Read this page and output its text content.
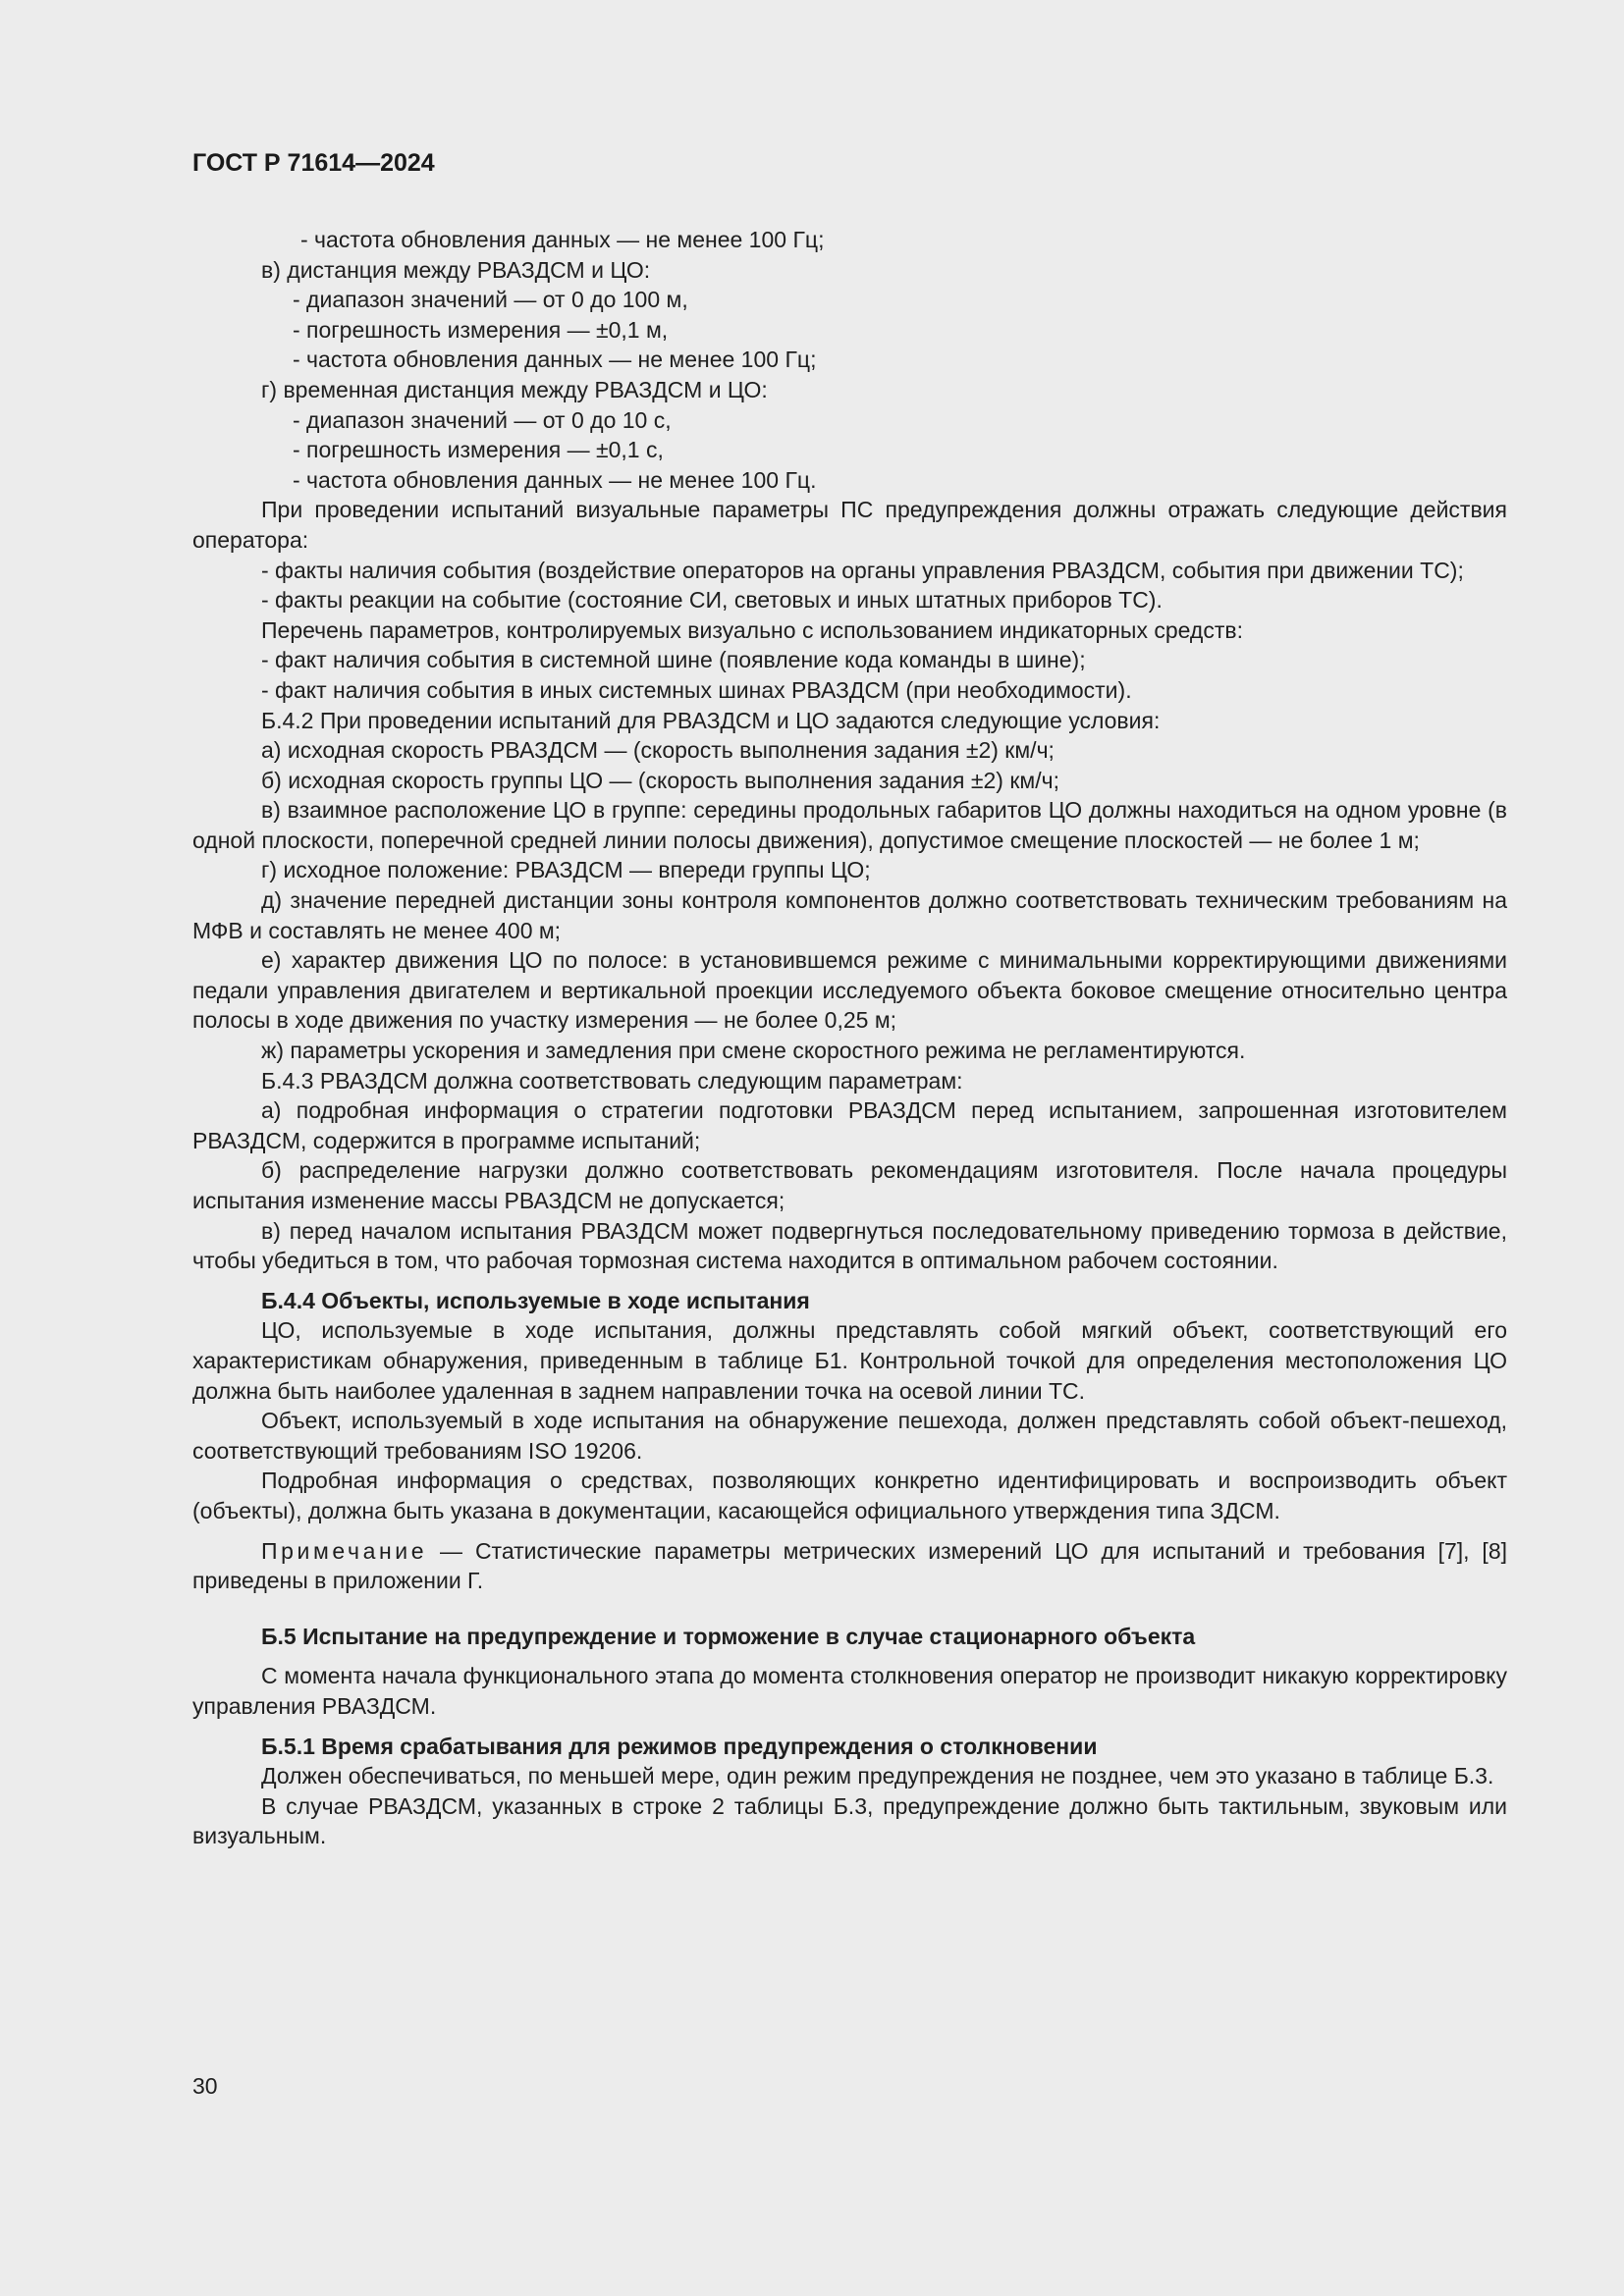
ГОСТ Р 71614—2024

- частота обновления данных — не менее 100 Гц;

в) дистанция между РВАЗДСМ и ЦО:

- диапазон значений — от 0 до 100 м,

- погрешность измерения — ±0,1 м,

- частота обновления данных — не менее 100 Гц;

г) временная дистанция между РВАЗДСМ и ЦО:

- диапазон значений — от 0 до 10 с,

- погрешность измерения — ±0,1 с,

- частота обновления данных — не менее 100 Гц.

При проведении испытаний визуальные параметры ПС предупреждения должны отражать следующие действия оператора:

- факты наличия события (воздействие операторов на органы управления РВАЗДСМ, события при движении ТС);

- факты реакции на событие (состояние СИ, световых и иных штатных приборов ТС).

Перечень параметров, контролируемых визуально с использованием индикаторных средств:

- факт наличия события в системной шине (появление кода команды в шине);

- факт наличия события в иных системных шинах РВАЗДСМ (при необходимости).

Б.4.2 При проведении испытаний для РВАЗДСМ и ЦО задаются следующие условия:

а) исходная скорость РВАЗДСМ — (скорость выполнения задания ±2) км/ч;

б) исходная скорость группы ЦО — (скорость выполнения задания ±2) км/ч;

в) взаимное расположение ЦО в группе: середины продольных габаритов ЦО должны находиться на одном уровне (в одной плоскости, поперечной средней линии полосы движения), допустимое смещение плоскостей — не более 1 м;

г) исходное положение: РВАЗДСМ — впереди группы ЦО;

д) значение передней дистанции зоны контроля компонентов должно соответствовать техническим требованиям на МФВ и составлять не менее 400 м;

е) характер движения ЦО по полосе: в установившемся режиме с минимальными корректирующими движениями педали управления двигателем и вертикальной проекции исследуемого объекта боковое смещение относительно центра полосы в ходе движения по участку измерения — не более 0,25 м;

ж) параметры ускорения и замедления при смене скоростного режима не регламентируются.

Б.4.3 РВАЗДСМ должна соответствовать следующим параметрам:

а) подробная информация о стратегии подготовки РВАЗДСМ перед испытанием, запрошенная изготовителем РВАЗДСМ, содержится в программе испытаний;

б) распределение нагрузки должно соответствовать рекомендациям изготовителя. После начала процедуры испытания изменение массы РВАЗДСМ не допускается;

в) перед началом испытания РВАЗДСМ может подвергнуться последовательному приведению тормоза в действие, чтобы убедиться в том, что рабочая тормозная система находится в оптимальном рабочем состоянии.

Б.4.4 Объекты, используемые в ходе испытания

ЦО, используемые в ходе испытания, должны представлять собой мягкий объект, соответствующий его характеристикам обнаружения, приведенным в таблице Б1. Контрольной точкой для определения местоположения ЦО должна быть наиболее удаленная в заднем направлении точка на осевой линии ТС.

Объект, используемый в ходе испытания на обнаружение пешехода, должен представлять собой объект-пешеход, соответствующий требованиям ISO 19206.

Подробная информация о средствах, позволяющих конкретно идентифицировать и воспроизводить объект (объекты), должна быть указана в документации, касающейся официального утверждения типа ЗДСМ.

Примечание — Статистические параметры метрических измерений ЦО для испытаний и требования [7], [8] приведены в приложении Г.

Б.5 Испытание на предупреждение и торможение в случае стационарного объекта

С момента начала функционального этапа до момента столкновения оператор не производит никакую корректировку управления РВАЗДСМ.

Б.5.1 Время срабатывания для режимов предупреждения о столкновении

Должен обеспечиваться, по меньшей мере, один режим предупреждения не позднее, чем это указано в таблице Б.3.

В случае РВАЗДСМ, указанных в строке 2 таблицы Б.3, предупреждение должно быть тактильным, звуковым или визуальным.

30
